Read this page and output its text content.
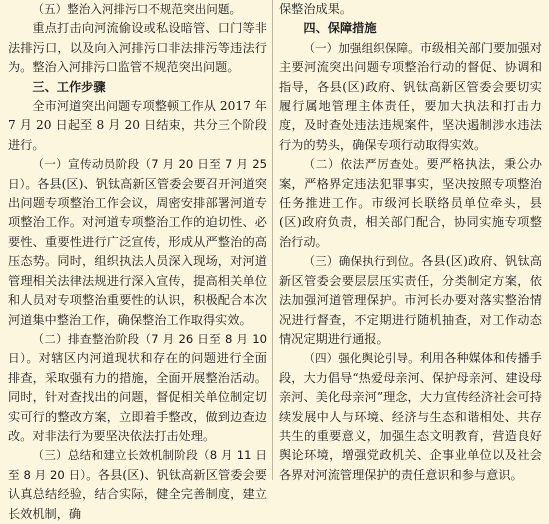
（五）整治入河排污口不规范突出问题。

重点打击向河流偷设或私设暗管、口门等非法排污口，以及向入河排污口非法排污等违法行为。整治入河排污口监管不规范突出问题。

三、工作步骤

全市河道突出问题专项整顿工作从 2017 年 7 月 20 日起至 8 月 20 日结束，共分三个阶段进行。

（一）宣传动员阶段（7 月 20 日至 7 月 25 日）。各县(区)、钒钛高新区管委会要召开河道突出问题专项整治工作会议，周密安排部署河道专项整治工作。对河道专项整治工作的迫切性、必要性、重要性进行广泛宣传，形成从严整治的高压态势。同时，组织执法人员深入现场，对河道管理相关法律法规进行深入宣传，提高相关单位和人员对专项整治重要性的认识，积极配合本次河道集中整治工作，确保整治工作取得实效。

（二）排查整治阶段（7 月 26 日至 8 月 10 日）。对辖区内河道现状和存在的问题进行全面排查，采取强有力的措施，全面开展整治活动。同时，针对查找出的问题，督促相关单位制定切实可行的整改方案，立即着手整改，做到边查边改。对非法行为要坚决依法打击处理。

（三）总结和建立长效机制阶段（8 月 11 日至 8 月 20 日）。各县(区)、钒钛高新区管委会要认真总结经验，结合实际，健全完善制度，建立长效机制，确

保整治成果。

四、保障措施

（一）加强组织保障。市级相关部门要加强对主要河流突出问题专项整治行动的督促、协调和指导，各县(区)政府、钒钛高新区管委会要切实履行属地管理主体责任，要加大执法和打击力度，及时查处违法违规案件，坚决遏制涉水违法行为的势头，确保专项行动取得实效。

（二）依法严厉查处。要严格执法，秉公办案，严格界定违法犯罪事实，坚决按照专项整治任务推进工作。市级河长联络员单位牵头，县(区)政府负责，相关部门配合，协同实施专项整治行动。

（三）确保执行到位。各县(区)政府、钒钛高新区管委会要层层压实责任，分类制定方案，依法加强河道管理保护。市河长办要对落实整治情况进行督查，不定期进行随机抽查，对工作动态情况定期进行通报。

（四）强化舆论引导。利用各种媒体和传播手段，大力倡导“热爱母亲河、保护母亲河、建设母亲河、美化母亲河”理念，大力宣传经济社会可持续发展中人与环境、经济与生态和谐相处、共存共生的重要意义，加强生态文明教育，营造良好舆论环境，增强党政机关、企事业单位以及社会各界对河流管理保护的责任意识和参与意识。
